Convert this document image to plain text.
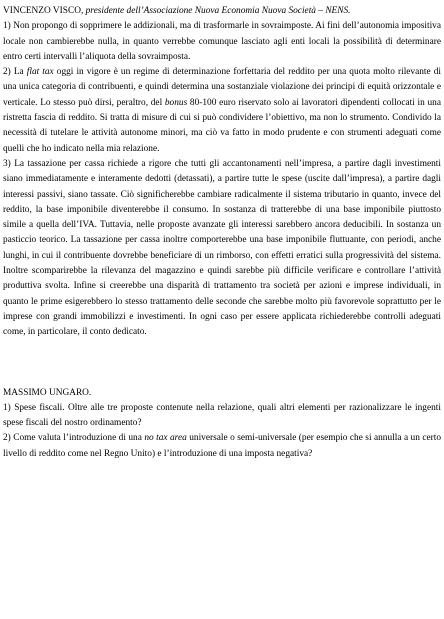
VINCENZO VISCO, presidente dell’Associazione Nuova Economia Nuova Società – NENS.

1) Non propongo di sopprimere le addizionali, ma di trasformarle in sovraimposte. Ai fini dell’autonomia impositiva locale non cambierebbe nulla, in quanto verrebbe comunque lasciato agli enti locali la possibilità di determinare entro certi intervalli l’aliquota della sovraimposta.

2) La flat tax oggi in vigore è un regime di determinazione forfettaria del reddito per una quota molto rilevante di una unica categoria di contribuenti, e quindi determina una sostanziale violazione dei principi di equità orizzontale e verticale. Lo stesso può dirsi, peraltro, del bonus 80-100 euro riservato solo ai lavoratori dipendenti collocati in una ristretta fascia di reddito. Si tratta di misure di cui si può condividere l’obiettivo, ma non lo strumento. Condivido la necessità di tutelare le attività autonome minori, ma ciò va fatto in modo prudente e con strumenti adeguati come quelli che ho indicato nella mia relazione.

3) La tassazione per cassa richiede a rigore che tutti gli accantonamenti nell’impresa, a partire dagli investimenti siano immediatamente e interamente dedotti (detassati), a partire tutte le spese (uscite dall’impresa), a partire dagli interessi passivi, siano tassate. Ciò significherebbe cambiare radicalmente il sistema tributario in quanto, invece del reddito, la base imponibile diventerebbe il consumo. In sostanza di tratterebbe di una base imponibile piuttosto simile a quella dell’IVA. Tuttavia, nelle proposte avanzate gli interessi sarebbero ancora deducibili. In sostanza un pasticcio teorico. La tassazione per cassa inoltre comporterebbe una base imponibile fluttuante, con periodi, anche lunghi, in cui il contribuente dovrebbe beneficiare di un rimborso, con effetti erratici sulla progressività del sistema. Inoltre scomparirebbe la rilevanza del magazzino e quindi sarebbe più difficile verificare e controllare l’attività produttiva svolta. Infine si creerebbe una disparità di trattamento tra società per azioni e imprese individuali, in quanto le prime esigerebbero lo stesso trattamento delle seconde che sarebbe molto più favorevole soprattutto per le imprese con grandi immobilizzi e investimenti. In ogni caso per essere applicata richiederebbe controlli adeguati come, in particolare, il conto dedicato.

MASSIMO UNGARO.

1) Spese fiscali. Oltre alle tre proposte contenute nella relazione, quali altri elementi per razionalizzare le ingenti spese fiscali del nostro ordinamento?

2) Come valuta l’introduzione di una no tax area universale o semi-universale (per esempio che si annulla a un certo livello di reddito come nel Regno Unito) e l’introduzione di una imposta negativa?
